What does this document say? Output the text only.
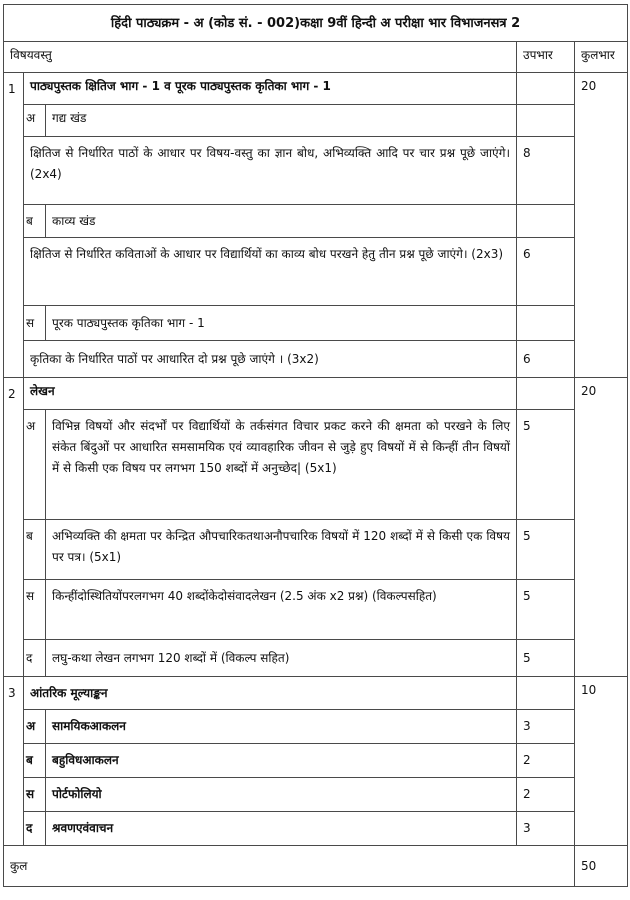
हिंदी पाठ्यक्रम - अ (कोड सं. - 002)कक्षा 9वीं हिन्दी अ परीक्षा भार विभाजनसत्र 2				
विषयवस्तु			उपभार	कुलभार
1	पाठ्यपुस्तक क्षितिज भाग - 1 व पूरक पाठ्यपुस्तक कृतिका भाग - 1			20
	अ	गद्य खंड		
	क्षितिज से निर्धारित पाठों के आधार पर विषय-वस्तु का ज्ञान बोध, अभिव्यक्ति आदि पर चार प्रश्न पूछे जाएंगे। (2x4)		8	
	ब	काव्य खंड		
	क्षितिज से निर्धारित कविताओं के आधार पर विद्यार्थियों का काव्य बोध परखने हेतु तीन प्रश्न पूछे जाएंगे। (2x3)		6	
	स	पूरक पाठ्यपुस्तक कृतिका भाग - 1		
	कृतिका के निर्धारित पाठों पर आधारित दो प्रश्न पूछे जाएंगे । (3x2)		6	
2	लेखन			20
	अ	विभिन्न विषयों और संदर्भों पर विद्यार्थियों के तर्कसंगत विचार प्रकट करने की क्षमता को परखने के लिए संकेत बिंदुओं पर आधारित समसामयिक एवं व्यावहारिक जीवन से जुड़े हुए विषयों में से किन्हीं तीन विषयों में से किसी एक विषय पर लगभग 150 शब्दों में अनुच्छेद| (5x1)	5	
	ब	अभिव्यक्ति की क्षमता पर केन्द्रित औपचारिकतथाअनौपचारिक विषयों में 120 शब्दों में से किसी एक विषय पर पत्र। (5x1)	5	
	स	किन्हींदोस्थितियोंपरलगभग 40 शब्दोंकेदोसंवादलेखन (2.5 अंक x2 प्रश्न) (विकल्पसहित)	5	
	द	लघु-कथा लेखन लगभग 120 शब्दों में (विकल्प सहित)	5	
3	आंतरिक मूल्याङ्कन			10
	अ	सामयिकआकलन	3	
	ब	बहुविधआकलन	2	
	स	पोर्टफोलियो	2	
	द	श्रवणएवंवाचन	3	
कुल				50
